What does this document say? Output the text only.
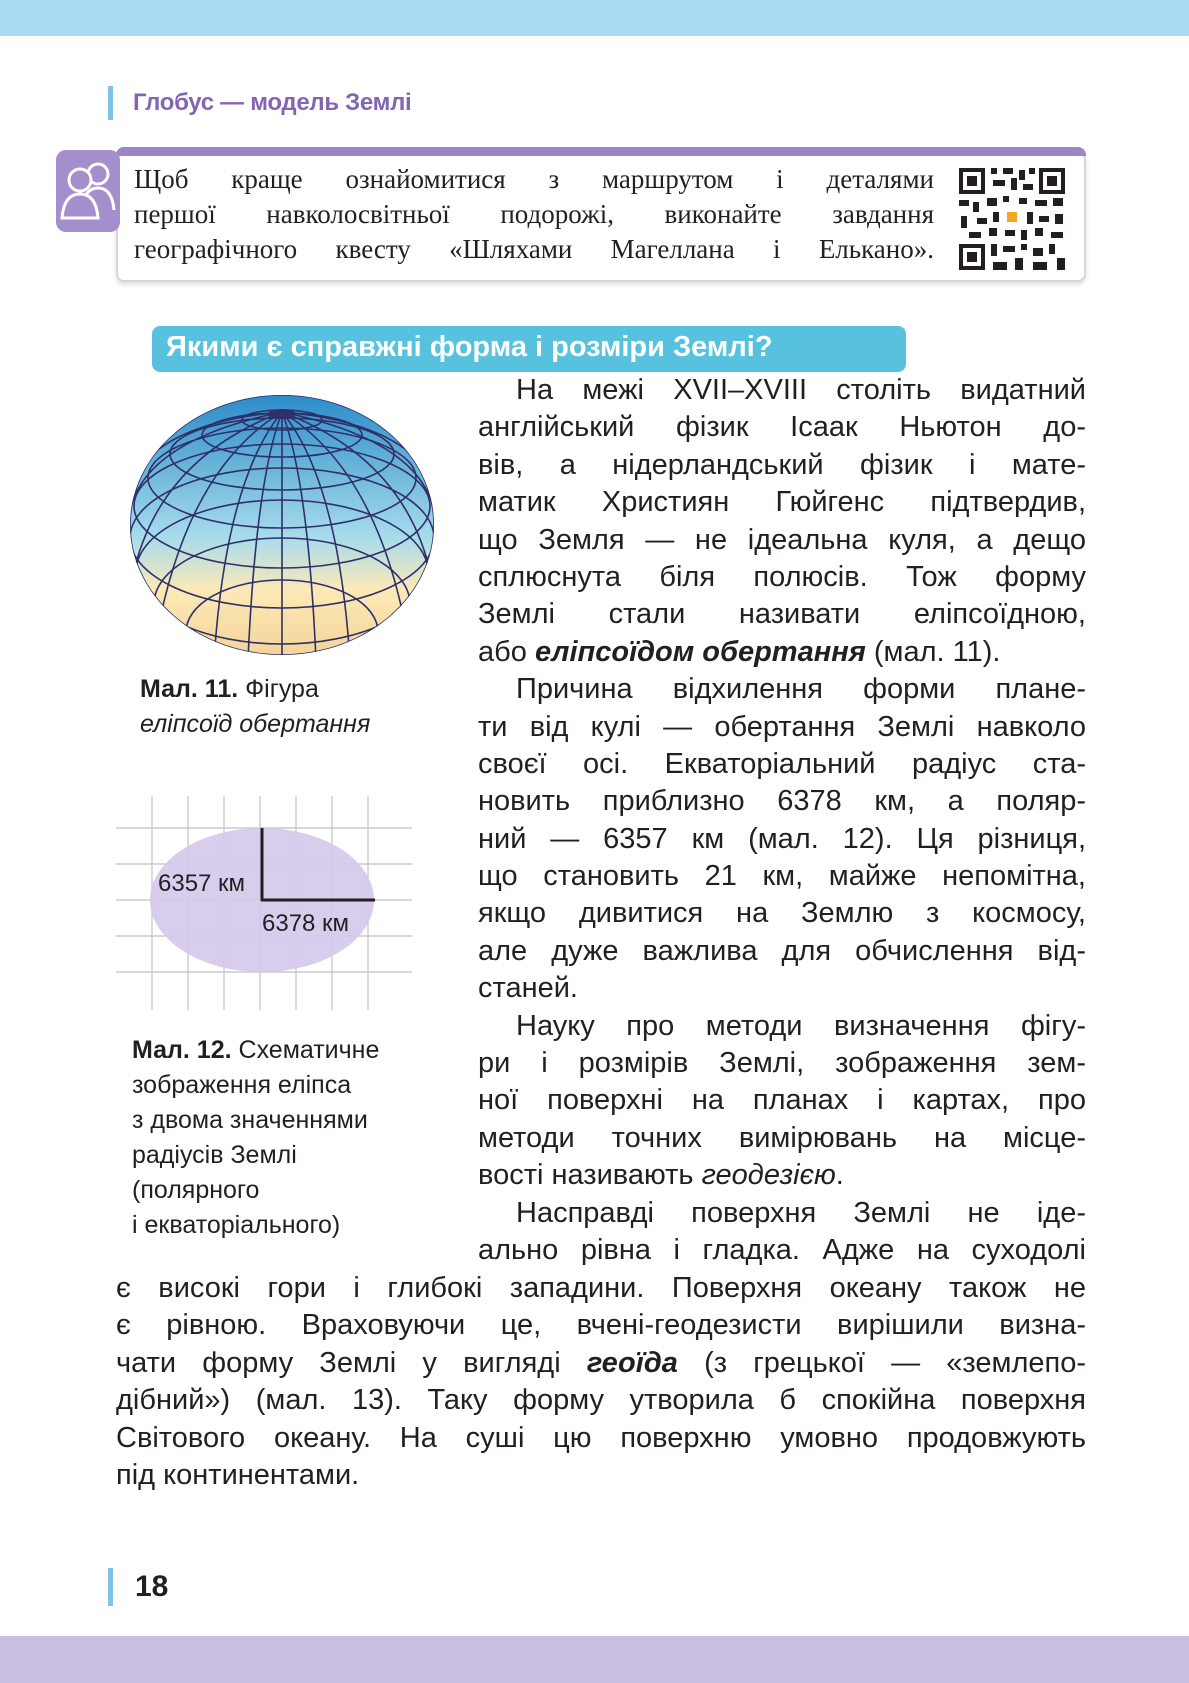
Глобус — модель Землі
Щоб краще ознайомитися з маршрутом і деталями
першої навколосвітньої подорожі, виконайте завдання
географічного квесту «Шляхами Магеллана і Елькано».
Якими є справжні форма і розміри Землі?
Мал. 11. Фігура
еліпсоїд обертання
6357 км
6378 км
Мал. 12. Схематичне
зображення еліпса
з двома значеннями
радіусів Землі
(полярного
і екваторіального)
На межі XVII–XVIII століть видатний
англійський фізик Ісаак Ньютон до-
вів, а нідерландський фізик і мате-
матик Християн Гюйгенс підтвердив,
що Земля — не ідеальна куля, а дещо
сплюснута біля полюсів. Тож форму
Землі стали називати еліпсоїдною,
або еліпсоїдом обертання (мал. 11).
Причина відхилення форми плане-
ти від кулі — обертання Землі навколо
своєї осі. Екваторіальний радіус ста-
новить приблизно 6378 км, а поляр-
ний — 6357 км (мал. 12). Ця різниця,
що становить 21 км, майже непомітна,
якщо дивитися на Землю з космосу,
але дуже важлива для обчислення від-
станей.
Науку про методи визначення фігу-
ри і розмірів Землі, зображення зем-
ної поверхні на планах і картах, про
методи точних вимірювань на місце-
вості називають геодезією.
Насправді поверхня Землі не іде-
ально рівна і гладка. Адже на суходолі
є високі гори і глибокі западини. Поверхня океану також не
є рівною. Враховуючи це, вчені-геодезисти вирішили визна-
чати форму Землі у вигляді геоїда (з грецької — «землепо-
дібний») (мал. 13). Таку форму утворила б спокійна поверхня
Світового океану. На суші цю поверхню умовно продовжують
під континентами.
18
